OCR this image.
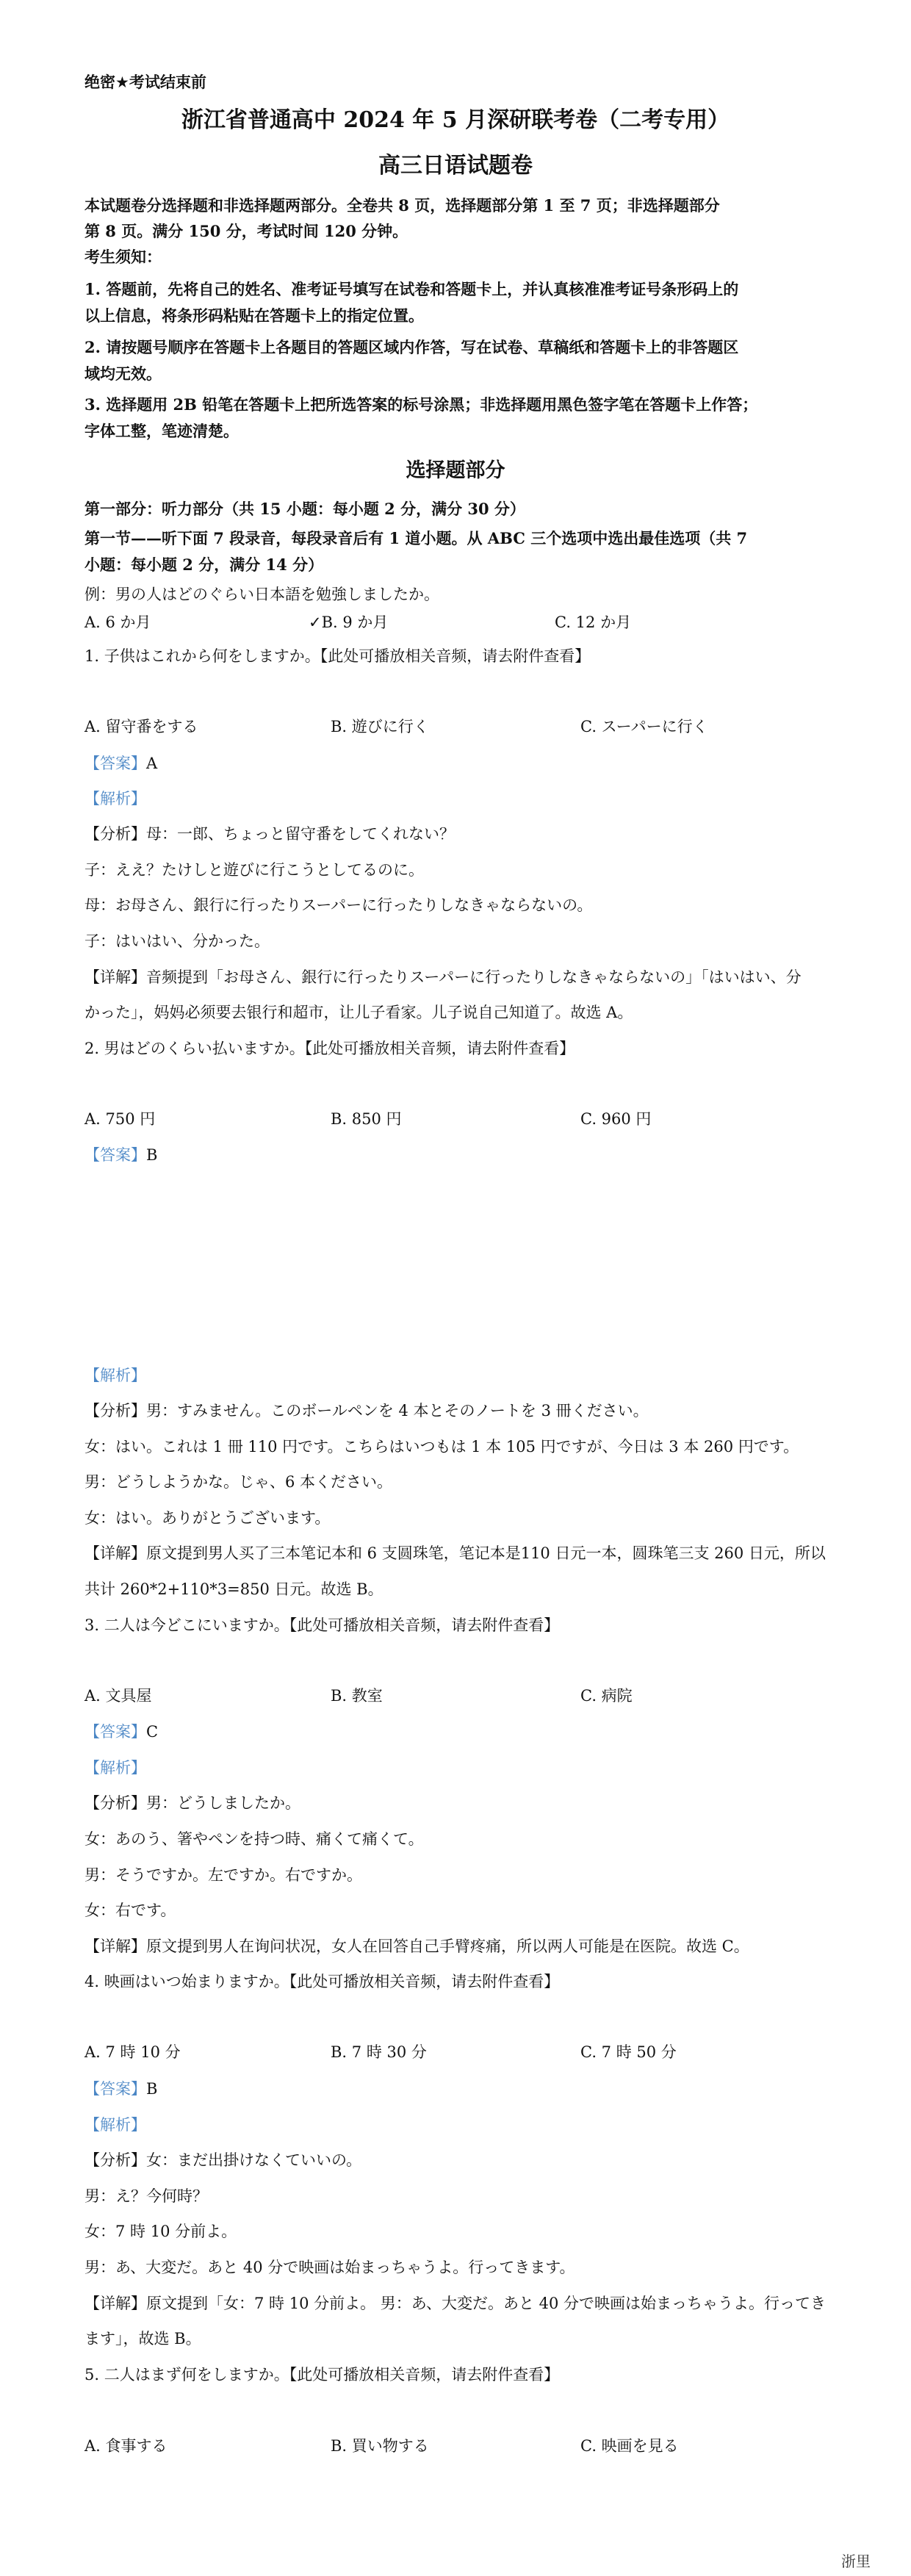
绝密★考试结束前
浙江省普通高中 2024 年 5 月深研联考卷（二考专用）
高三日语试题卷
本试题卷分选择题和非选择题两部分。全卷共 8 页，选择题部分第 1 至 7 页；非选择题部分
第 8 页。满分 150 分，考试时间 120 分钟。
考生须知：
1. 答题前，先将自己的姓名、准考证号填写在试卷和答题卡上，并认真核准准考证号条形码上的
以上信息，将条形码粘贴在答题卡上的指定位置。
2. 请按题号顺序在答题卡上各题目的答题区域内作答，写在试卷、草稿纸和答题卡上的非答题区
域均无效。
3. 选择题用 2B 铅笔在答题卡上把所选答案的标号涂黑；非选择题用黑色签字笔在答题卡上作答；
字体工整，笔迹清楚。
选择题部分
第一部分：听力部分（共 15 小题：每小题 2 分，满分 30 分）
第一节——听下面 7 段录音，每段录音后有 1 道小题。从 ABC 三个选项中选出最佳选项（共 7
小题：每小题 2 分，满分 14 分）
例：男の人はどのぐらい日本語を勉強しましたか。
A. 6 か月	✓B. 9 か月	C. 12 か月
1. 子供はこれから何をしますか。【此处可播放相关音频，请去附件查看】
A. 留守番をする	B. 遊びに行く	C. スーパーに行く
【答案】A
【解析】
【分析】母：一郎、ちょっと留守番をしてくれない？
子：ええ？たけしと遊びに行こうとしてるのに。
母：お母さん、銀行に行ったりスーパーに行ったりしなきゃならないの。
子：はいはい、分かった。
【详解】音频提到「お母さん、銀行に行ったりスーパーに行ったりしなきゃならないの」「はいはい、分
かった」，妈妈必须要去银行和超市，让儿子看家。儿子说自己知道了。故选 A。
2. 男はどのくらい払いますか。【此处可播放相关音频，请去附件查看】
A. 750 円	B. 850 円	C. 960 円
【答案】B
【解析】
【分析】男：すみません。このボールペンを 4 本とそのノートを 3 冊ください。
女：はい。これは 1 冊 110 円です。こちらはいつもは 1 本 105 円ですが、今日は 3 本 260 円です。
男：どうしようかな。じゃ、6 本ください。
女：はい。ありがとうございます。
【详解】原文提到男人买了三本笔记本和 6 支圆珠笔，笔记本是110 日元一本，圆珠笔三支 260 日元，所以
共计 260*2+110*3=850 日元。故选 B。
3. 二人は今どこにいますか。【此处可播放相关音频，请去附件查看】
A. 文具屋	B. 教室	C. 病院
【答案】C
【解析】
【分析】男：どうしましたか。
女：あのう、箸やペンを持つ時、痛くて痛くて。
男：そうですか。左ですか。右ですか。
女：右です。
【详解】原文提到男人在询问状况，女人在回答自己手臂疼痛，所以两人可能是在医院。故选 C。
4. 映画はいつ始まりますか。【此处可播放相关音频，请去附件查看】
A. 7 時 10 分	B. 7 時 30 分	C. 7 時 50 分
【答案】B
【解析】
【分析】女：まだ出掛けなくていいの。
男：え？今何時？
女：7 時 10 分前よ。
男：あ、大変だ。あと 40 分で映画は始まっちゃうよ。行ってきます。
【详解】原文提到「女：7 時 10 分前よ。 男：あ、大変だ。あと 40 分で映画は始まっちゃうよ。行ってき
ます」，故选 B。
5. 二人はまず何をしますか。【此处可播放相关音频，请去附件查看】
A. 食事する	B. 買い物する	C. 映画を見る
浙里
